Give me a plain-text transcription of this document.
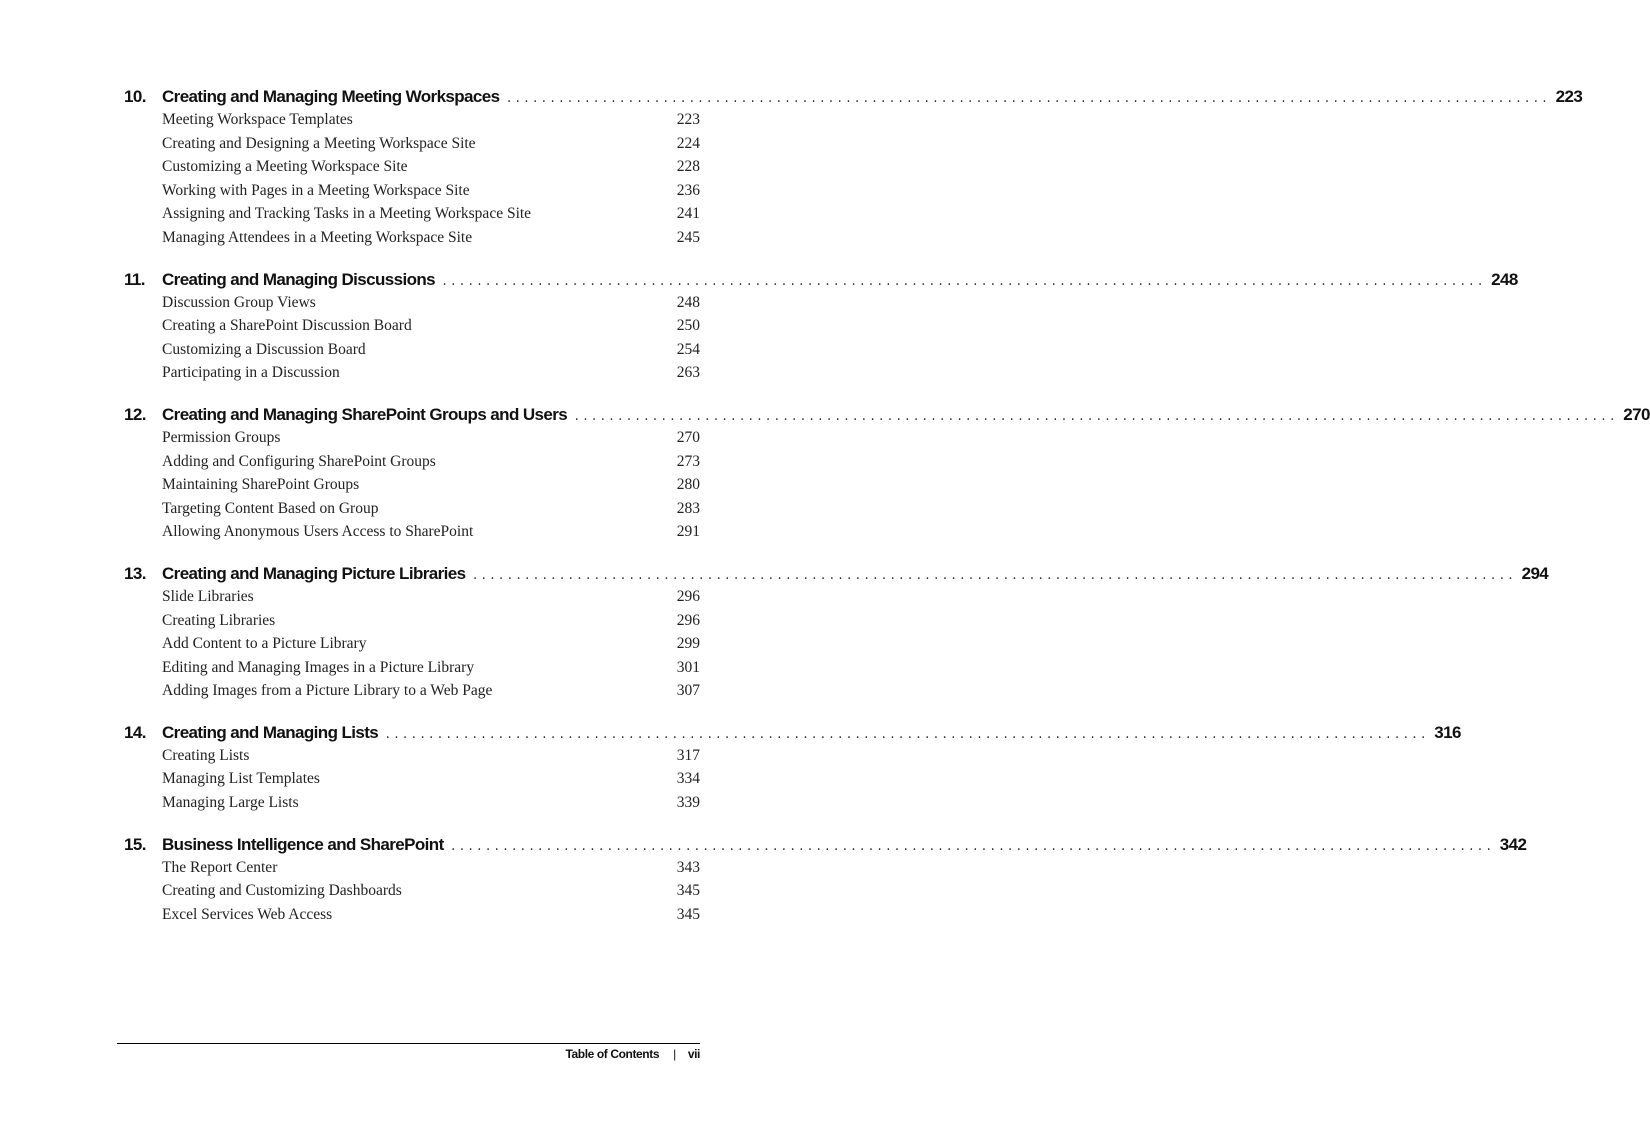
10. Creating and Managing Meeting Workspaces ........................................................................................................................ 223
Meeting Workspace Templates	223
Creating and Designing a Meeting Workspace Site	224
Customizing a Meeting Workspace Site	228
Working with Pages in a Meeting Workspace Site	236
Assigning and Tracking Tasks in a Meeting Workspace Site	241
Managing Attendees in a Meeting Workspace Site	245
11.	Creating and Managing Discussions ........................................................................................................................ 248
Discussion Group Views	248
Creating a SharePoint Discussion Board	250
Customizing a Discussion Board	254
Participating in a Discussion	263
12. Creating and Managing SharePoint Groups and Users ........................................................................................................................ 270
Permission Groups	270
Adding and Configuring SharePoint Groups	273
Maintaining SharePoint Groups	280
Targeting Content Based on Group	283
Allowing Anonymous Users Access to SharePoint	291
13. Creating and Managing Picture Libraries ........................................................................................................................ 294
Slide Libraries	296
Creating Libraries	296
Add Content to a Picture Library	299
Editing and Managing Images in a Picture Library	301
Adding Images from a Picture Library to a Web Page	307
14. Creating and Managing Lists ........................................................................................................................ 316
Creating Lists	317
Managing List Templates	334
Managing Large Lists	339
15. Business Intelligence and SharePoint ........................................................................................................................ 342
The Report Center	343
Creating and Customizing Dashboards	345
Excel Services Web Access	345
Table of Contents | vii
